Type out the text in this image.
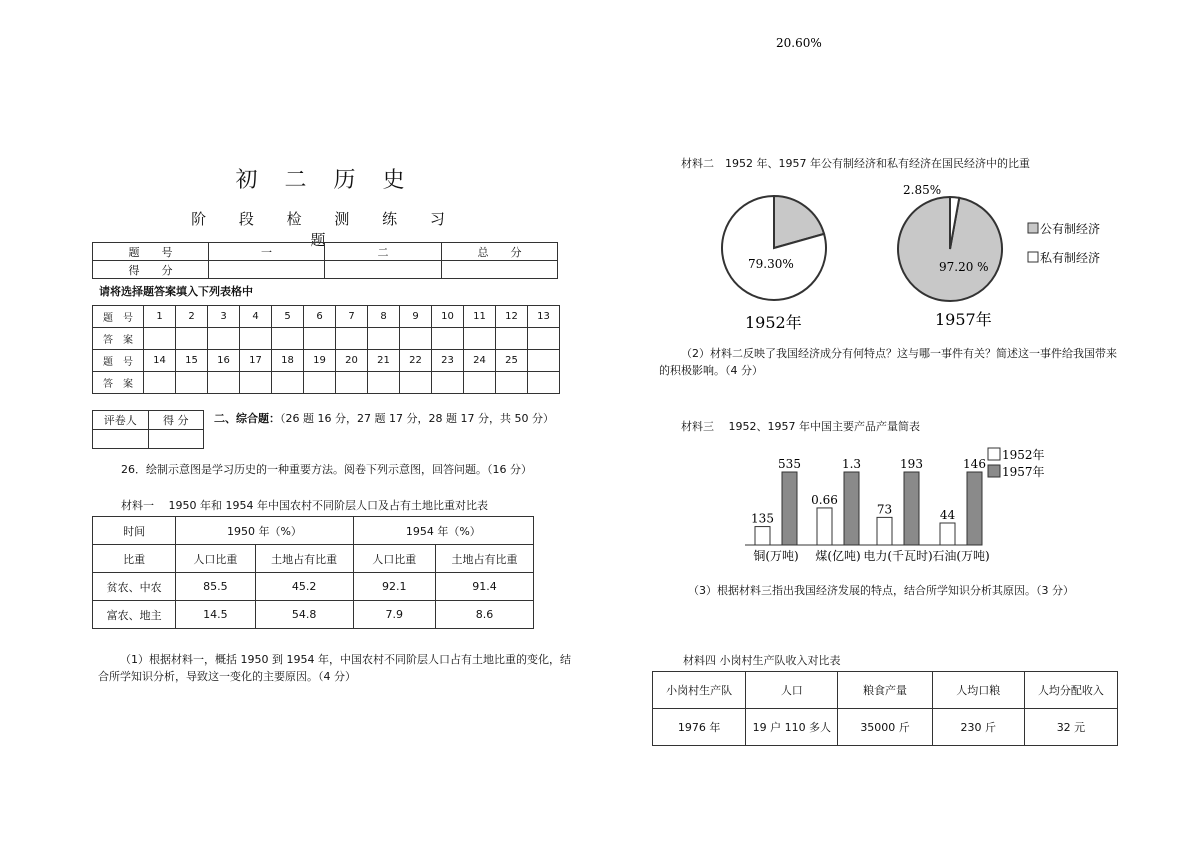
初 二 历 史
阶 段 检 测 练 习 题
题　　号	一	二	总　　分
得　　分			
请将选择题答案填入下列表格中
题　号	1	2	3	4	5	6	7	8	9	10	11	12	13
答　案													
题　号	14	15	16	17	18	19	20	21	22	23	24	25	
答　案													
评卷人	得 分
	二、综合题：（26 题 16 分，27 题 17 分，28 题 17 分，共 50 分）
26．绘制示意图是学习历史的一种重要方法。阅卷下列示意图，回答问题。（16 分）
材料一　 1950 年和 1954 年中国农村不同阶层人口及占有土地比重对比表
时间	1950 年（%）		1954 年（%）	
比重	人口比重	土地占有比重	人口比重	土地占有比重
贫农、中农	85.5	45.2	92.1	91.4
富农、地主	14.5	54.8	7.9	8.6
（1）根据材料一，概括 1950 到 1954 年，中国农村不同阶层人口占有土地比重的变化，结合所学知识分析，导致这一变化的主要原因。（4 分）
材料二　1952 年、1957 年公有制经济和私有经济在国民经济中的比重
20.60%
79.30%	97.20 %
2.85%
1952年	1957年
公有制经济
私有制经济
（2）材料二反映了我国经济成分有何特点？这与哪一事件有关？简述这一事件给我国带来的积极影响。（4 分）
材料三　 1952、1957 年中国主要产品产量简表
135
535
铜(万吨)
0.66
1.3
煤(亿吨)
73
193
电力(千瓦时)
44
146
石油(万吨)
1952年
1957年
（3）根据材料三指出我国经济发展的特点，结合所学知识分析其原因。（3 分）
材料四 小岗村生产队收入对比表
小岗村生产队	人口	粮食产量	人均口粮	人均分配收入
1976 年	19 户 110 多人	35000 斤	230 斤	32 元
